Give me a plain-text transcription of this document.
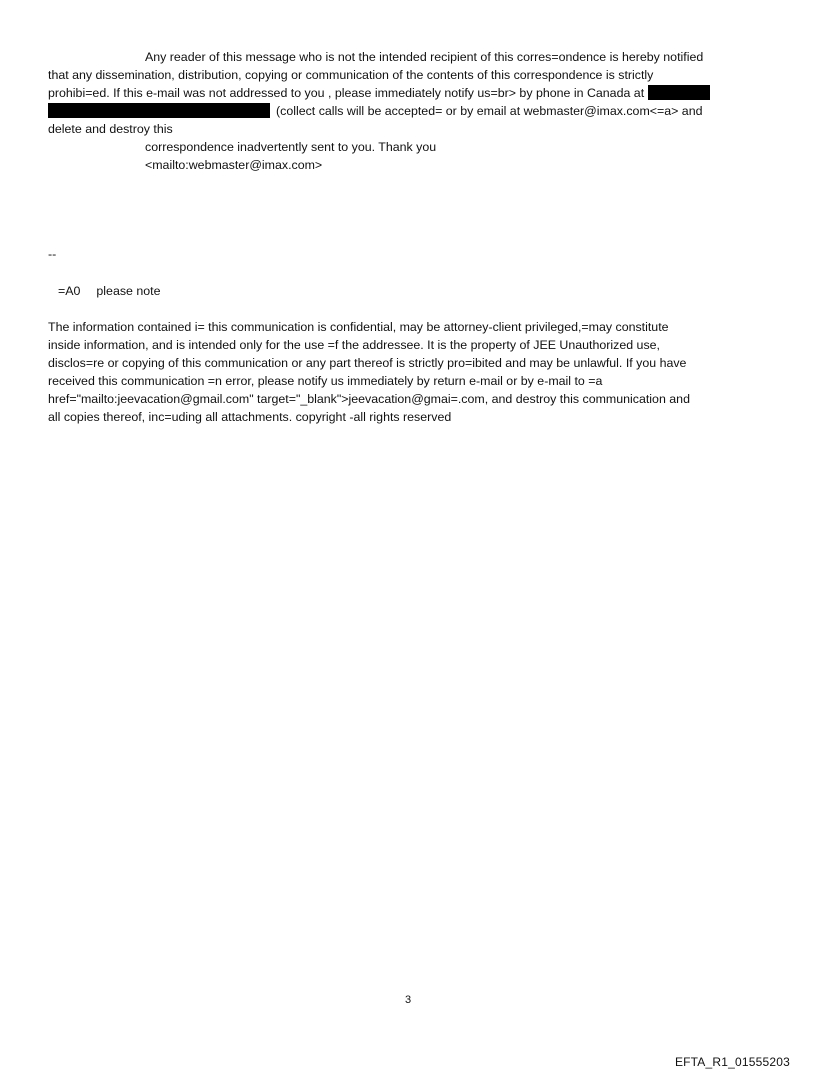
Any reader of this message who is not the intended recipient of this corres=ondence is hereby notified

that any dissemination, distribution, copying or communication of the contents of this correspondence is strictly

prohibi=ed. If this e-mail was not addressed to you , please immediately notify us=br> by phone in Canada at

(collect calls will be accepted= or by email at webmaster@imax.com<=a> and

delete and destroy this

correspondence inadvertently sent to you. Thank you

<mailto:webmaster@imax.com>

--

=A0 please note

The information contained i= this communication is confidential, may be attorney-client privileged,=may constitute

inside information, and is intended only for the use =f the addressee. It is the property of JEE Unauthorized use,

disclos=re or copying of this communication or any part thereof is strictly pro=ibited and may be unlawful. If you have

received this communication =n error, please notify us immediately by return e-mail or by e-mail to =a

href="mailto:jeevacation@gmail.com" target="_blank">jeevacation@gmai=.com, and destroy this communication and

all copies thereof, inc=uding all attachments. copyright -all rights reserved

3
EFTA_R1_01555203
